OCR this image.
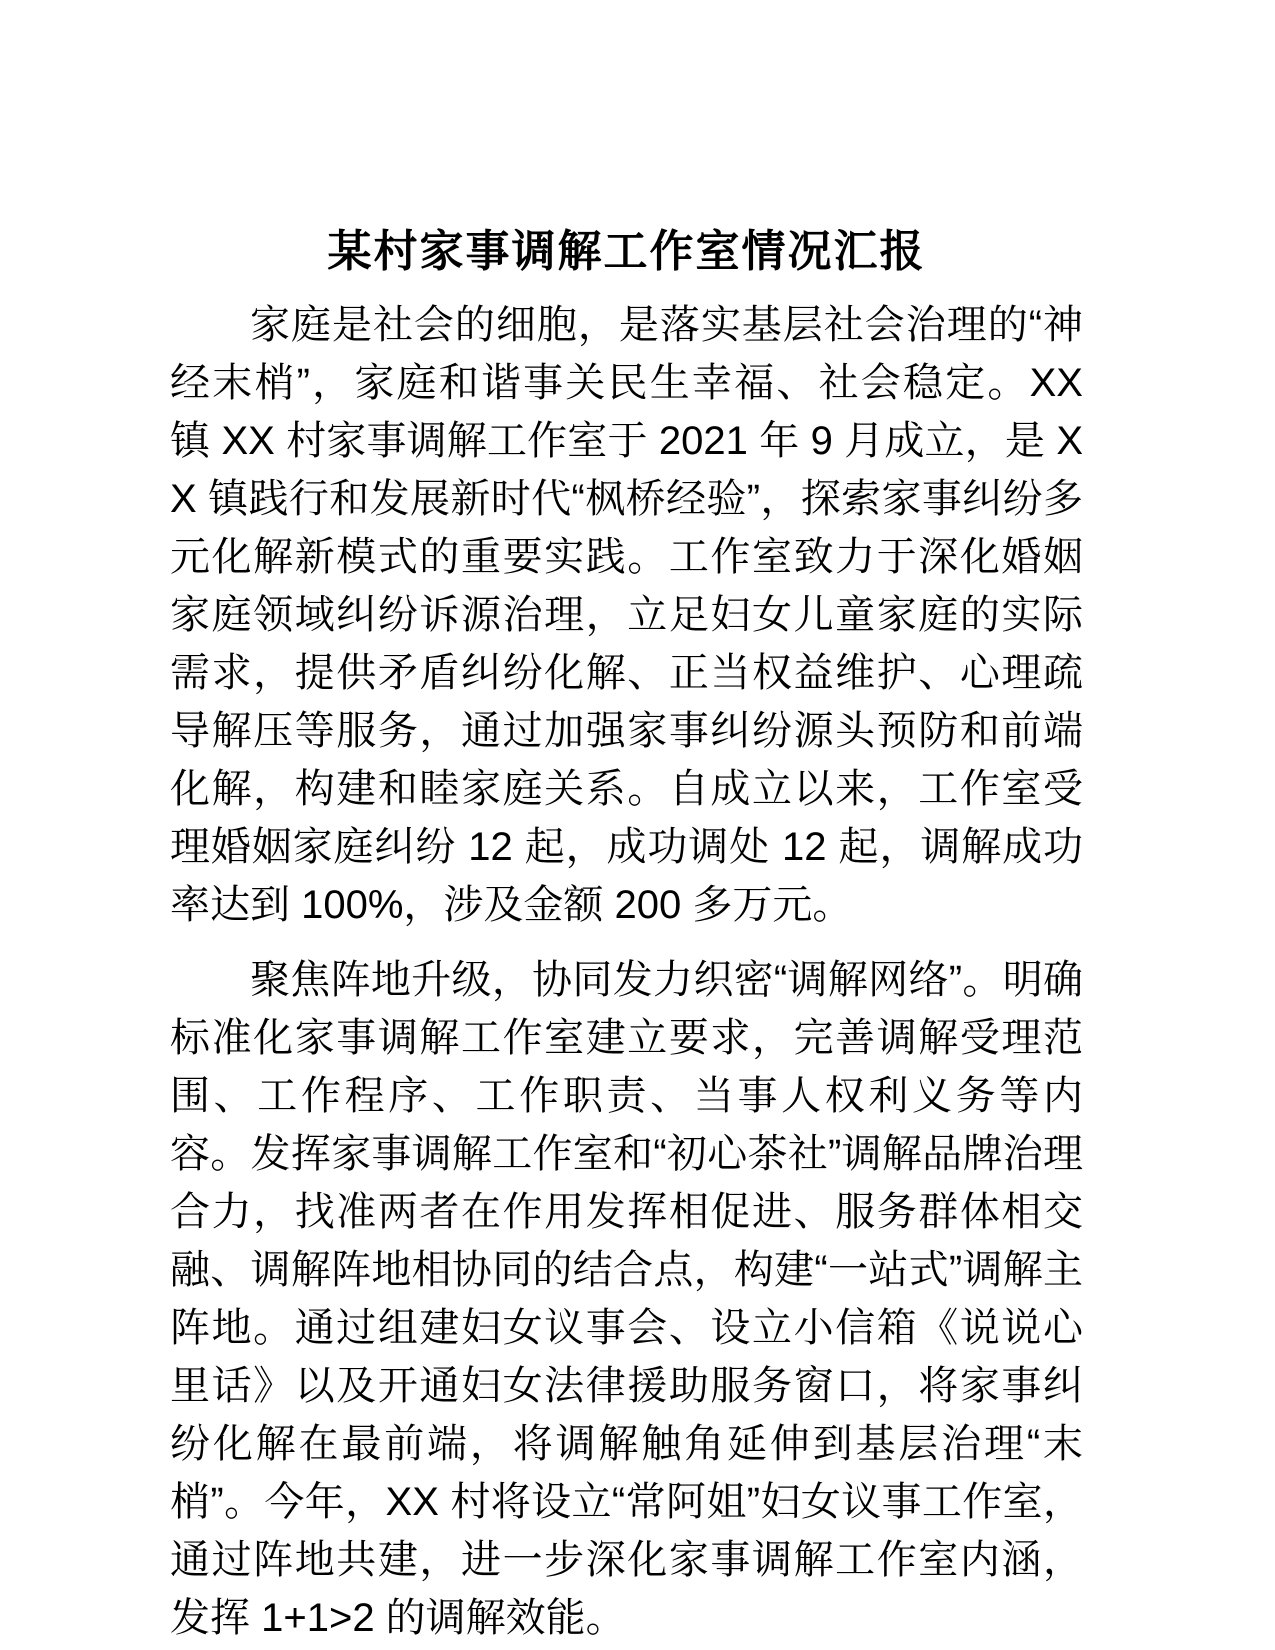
某村家事调解工作室情况汇报

家庭是社会的细胞，是落实基层社会治理的“神经末梢”，家庭和谐事关民生幸福、社会稳定。XX 镇 XX 村家事调解工作室于 2021 年 9 月成立，是 XX 镇践行和发展新时代“枫桥经验”，探索家事纠纷多元化解新模式的重要实践。工作室致力于深化婚姻家庭领域纠纷诉源治理，立足妇女儿童家庭的实际需求，提供矛盾纠纷化解、正当权益维护、心理疏导解压等服务，通过加强家事纠纷源头预防和前端化解，构建和睦家庭关系。自成立以来，工作室受理婚姻家庭纠纷 12 起，成功调处 12 起，调解成功率达到 100%，涉及金额 200 多万元。

聚焦阵地升级，协同发力织密“调解网络”。明确标准化家事调解工作室建立要求，完善调解受理范围、工作程序、工作职责、当事人权利义务等内容。发挥家事调解工作室和“初心茶社”调解品牌治理合力，找准两者在作用发挥相促进、服务群体相交融、调解阵地相协同的结合点，构建“一站式”调解主阵地。通过组建妇女议事会、设立小信箱《说说心里话》以及开通妇女法律援助服务窗口，将家事纠纷化解在最前端，将调解触角延伸到基层治理“末梢”。今年，XX 村将设立“常阿姐”妇女议事工作室，通过阵地共建，进一步深化家事调解工作室内涵，发挥 1+1>2 的调解效能。
